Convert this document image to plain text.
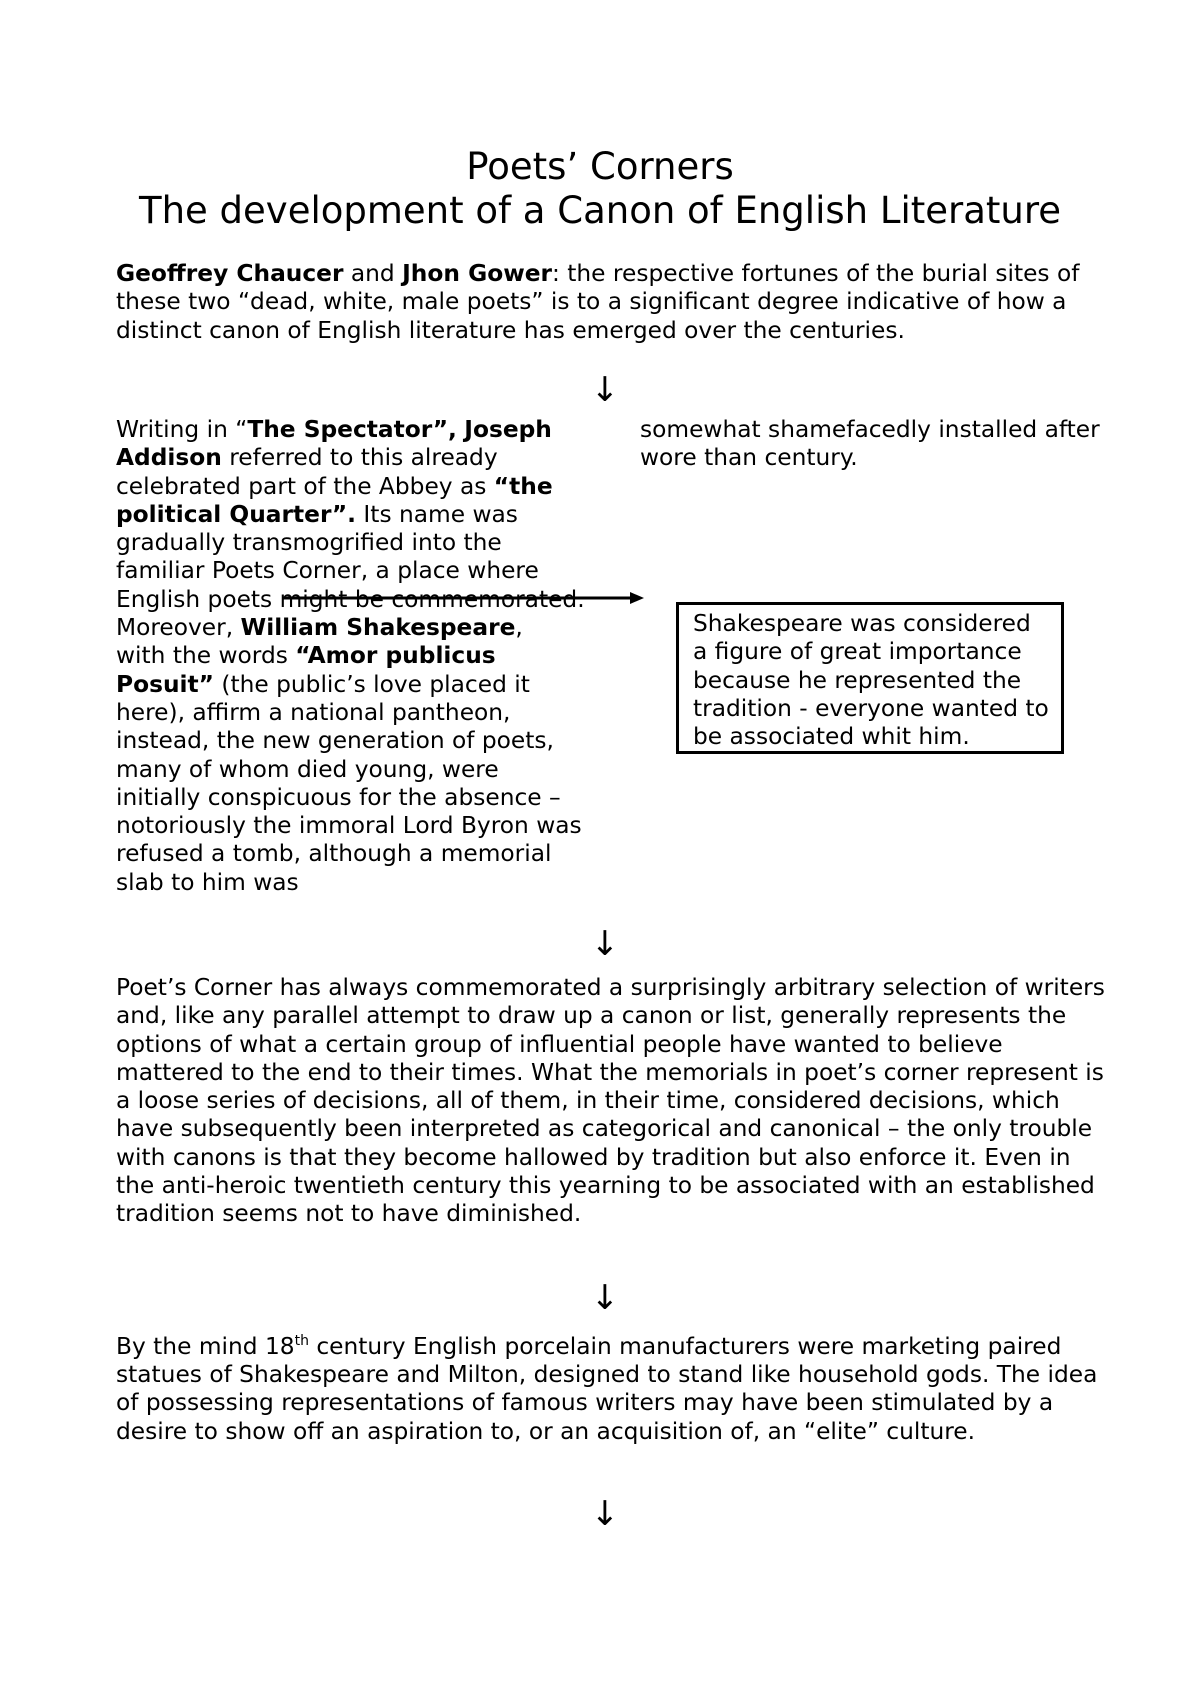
Poets’ Corners
The development of a Canon of English Literature

Geoffrey Chaucer and Jhon Gower: the respective fortunes of the burial sites of these two “dead, white, male poets” is to a significant degree indicative of how a distinct canon of English literature has emerged over the centuries.

↓

Writing in “The Spectator”, Joseph Addison referred to this already celebrated part of the Abbey as “the political Quarter”. Its name was gradually transmogrified into the familiar Poets Corner, a place where English poets might be commemorated. Moreover, William Shakespeare,
with the words “Amor publicus Posuit” (the public’s love placed it here), affirm a national pantheon, instead, the new generation of poets, many of whom died young, were initially conspicuous for the absence – notoriously the immoral Lord Byron was refused a tomb, although a memorial slab to him was

somewhat shamefacedly installed after wore than century.

Shakespeare was considered a figure of great importance because he represented the tradition - everyone wanted to be associated whit him.
↓

Poet’s Corner has always commemorated a surprisingly arbitrary selection of writers and, like any parallel attempt to draw up a canon or list, generally represents the options of what a certain group of influential people have wanted to believe mattered to the end to their times. What the memorials in poet’s corner represent is a loose series of decisions, all of them, in their time, considered decisions, which have subsequently been interpreted as categorical and canonical – the only trouble with canons is that they become hallowed by tradition but also enforce it. Even in the anti-heroic twentieth century this yearning to be associated with an established tradition seems not to have diminished.

↓

By the mind 18th century English porcelain manufacturers were marketing paired statues of Shakespeare and Milton, designed to stand like household gods. The idea of possessing representations of famous writers may have been stimulated by a desire to show off an aspiration to, or an acquisition of, an “elite” culture.

↓
